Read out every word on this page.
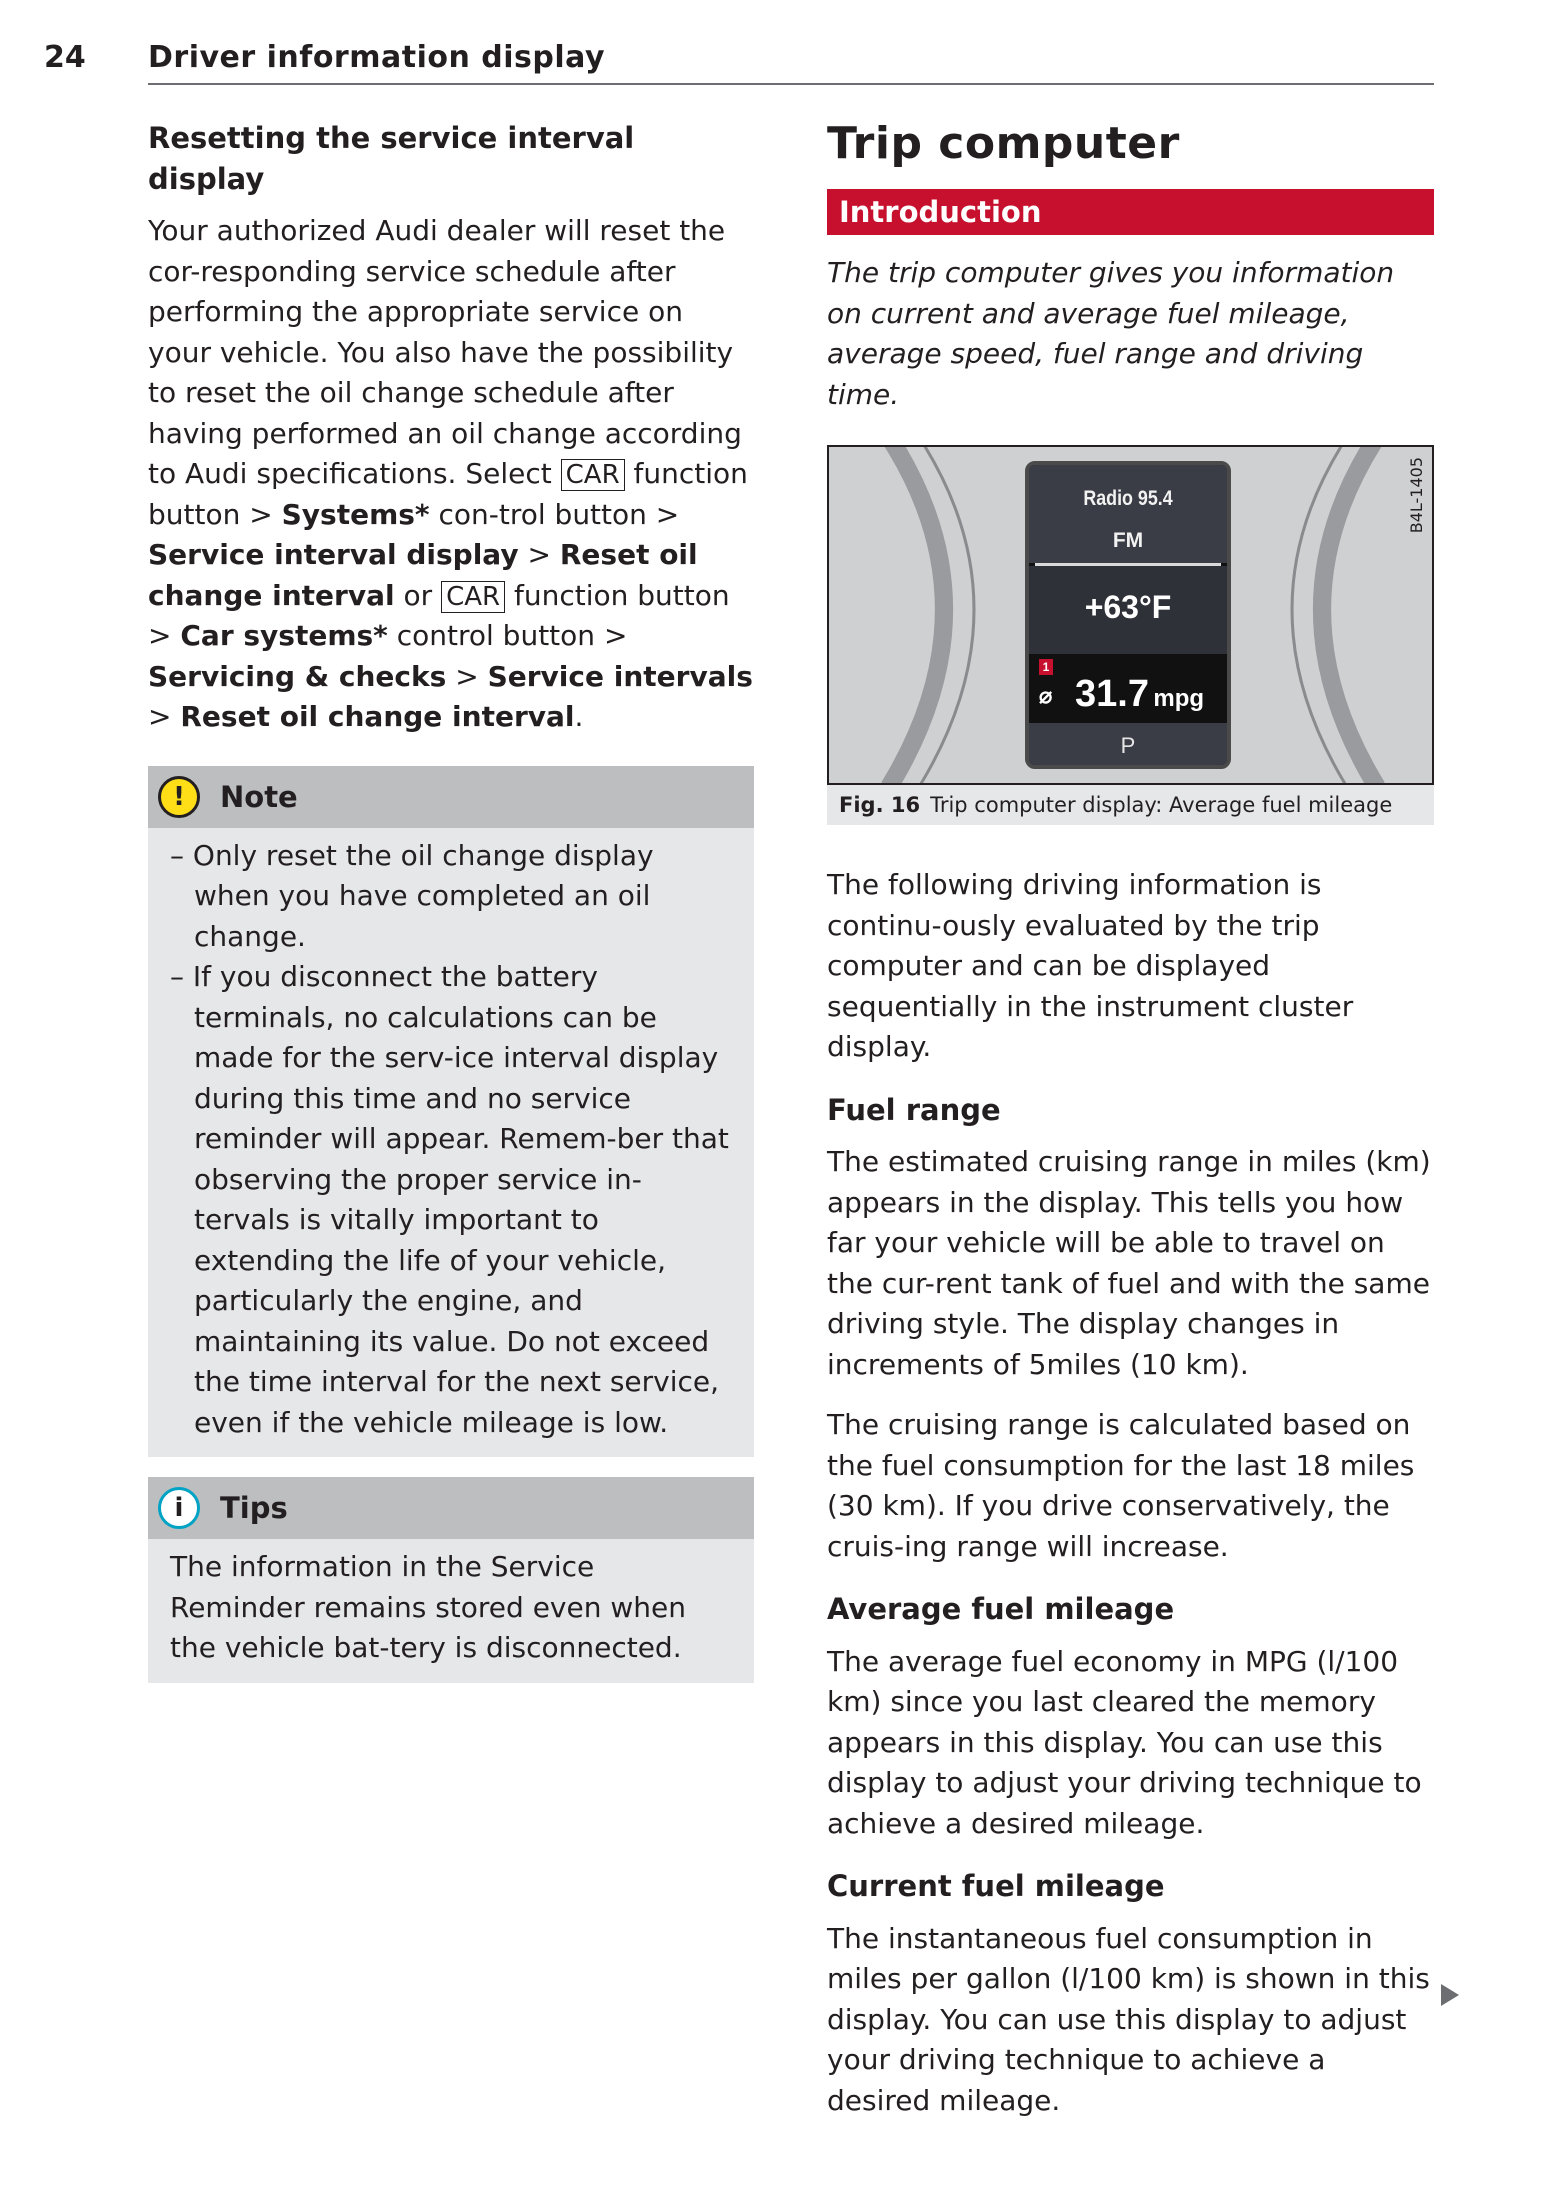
24 Driver information display
Resetting the service interval display

Your authorized Audi dealer will reset the cor-responding service schedule after performing the appropriate service on your vehicle. You also have the possibility to reset the oil change schedule after having performed an oil change according to Audi specifications. Select CAR function button > Systems* con-trol button > Service interval display > Reset oil change interval or CAR function button > Car systems* control button > Servicing & checks > Service intervals > Reset oil change interval.

!	Note
– Only reset the oil change display when you have completed an oil change.
– If you disconnect the battery terminals, no calculations can be made for the serv-ice interval display during this time and no service reminder will appear. Remem-ber that observing the proper service in-tervals is vitally important to extending the life of your vehicle, particularly the engine, and maintaining its value. Do not exceed the time interval for the next service, even if the vehicle mileage is low.
i	Tips

The information in the Service Reminder remains stored even when the vehicle bat-tery is disconnected.

Trip computer
Introduction
The trip computer gives you information on current and average fuel mileage, average speed, fuel range and driving time.
B4L-1405
Radio 95.4
FM
+63°F
1
⌀ 31.7 mpg
P
Fig. 16 Trip computer display: Average fuel mileage

The following driving information is continu-ously evaluated by the trip computer and can be displayed sequentially in the instrument cluster display.

Fuel range

The estimated cruising range in miles (km) appears in the display. This tells you how far your vehicle will be able to travel on the cur-rent tank of fuel and with the same driving style. The display changes in increments of 5miles (10 km).

The cruising range is calculated based on the fuel consumption for the last 18 miles (30 km). If you drive conservatively, the cruis-ing range will increase.

Average fuel mileage

The average fuel economy in MPG (l/100 km) since you last cleared the memory appears in this display. You can use this display to adjust your driving technique to achieve a desired mileage.

Current fuel mileage

The instantaneous fuel consumption in miles per gallon (l/100 km) is shown in this display. You can use this display to adjust your driving technique to achieve a desired mileage.
